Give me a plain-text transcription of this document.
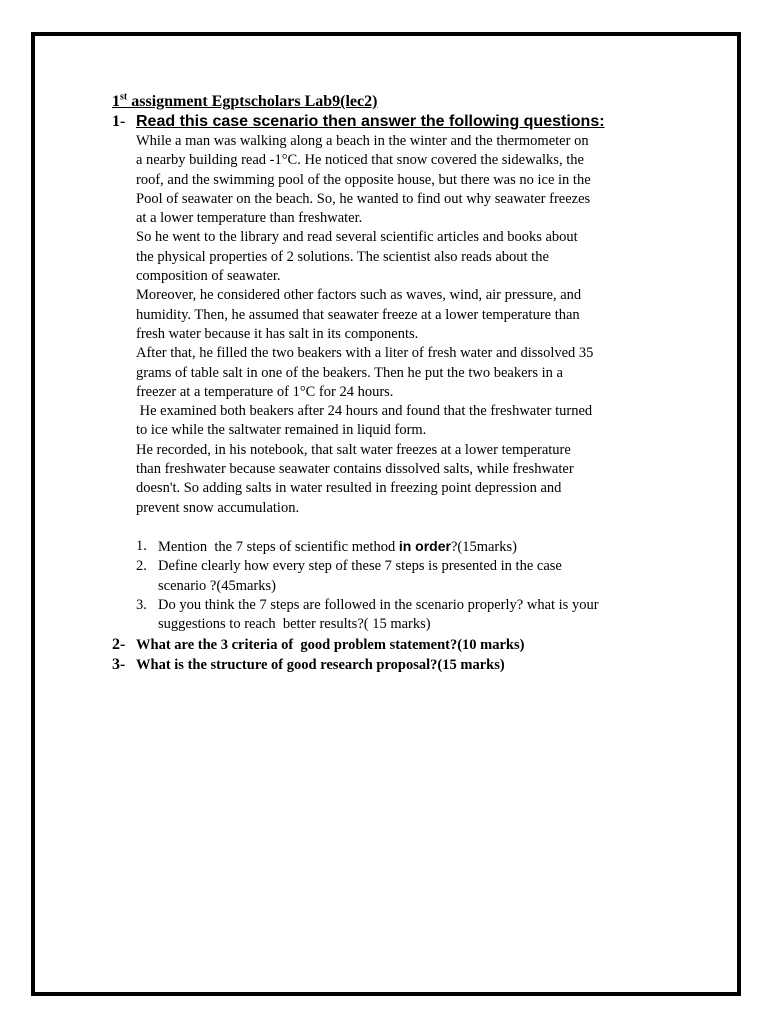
1st assignment Egptscholars Lab9(lec2)
1- Read this case scenario then answer the following questions:
While a man was walking along a beach in the winter and the thermometer on
a nearby building read -1°C. He noticed that snow covered the sidewalks, the
roof, and the swimming pool of the opposite house, but there was no ice in the
Pool of seawater on the beach. So, he wanted to find out why seawater freezes
at a lower temperature than freshwater.
So he went to the library and read several scientific articles and books about
the physical properties of 2 solutions. The scientist also reads about the
composition of seawater.
Moreover, he considered other factors such as waves, wind, air pressure, and
humidity. Then, he assumed that seawater freeze at a lower temperature than
fresh water because it has salt in its components.
After that, he filled the two beakers with a liter of fresh water and dissolved 35
grams of table salt in one of the beakers. Then he put the two beakers in a
freezer at a temperature of 1°C for 24 hours.
He examined both beakers after 24 hours and found that the freshwater turned
to ice while the saltwater remained in liquid form.
He recorded, in his notebook, that salt water freezes at a lower temperature
than freshwater because seawater contains dissolved salts, while freshwater
doesn't. So adding salts in water resulted in freezing point depression and
prevent snow accumulation.
1. Mention  the 7 steps of scientific method in order?(15marks)
2. Define clearly how every step of these 7 steps is presented in the case
scenario ?(45marks)
3. Do you think the 7 steps are followed in the scenario properly? what is your
suggestions to reach  better results?( 15 marks)
2- What are the 3 criteria of  good problem statement?(10 marks)
3- What is the structure of good research proposal?(15 marks)
